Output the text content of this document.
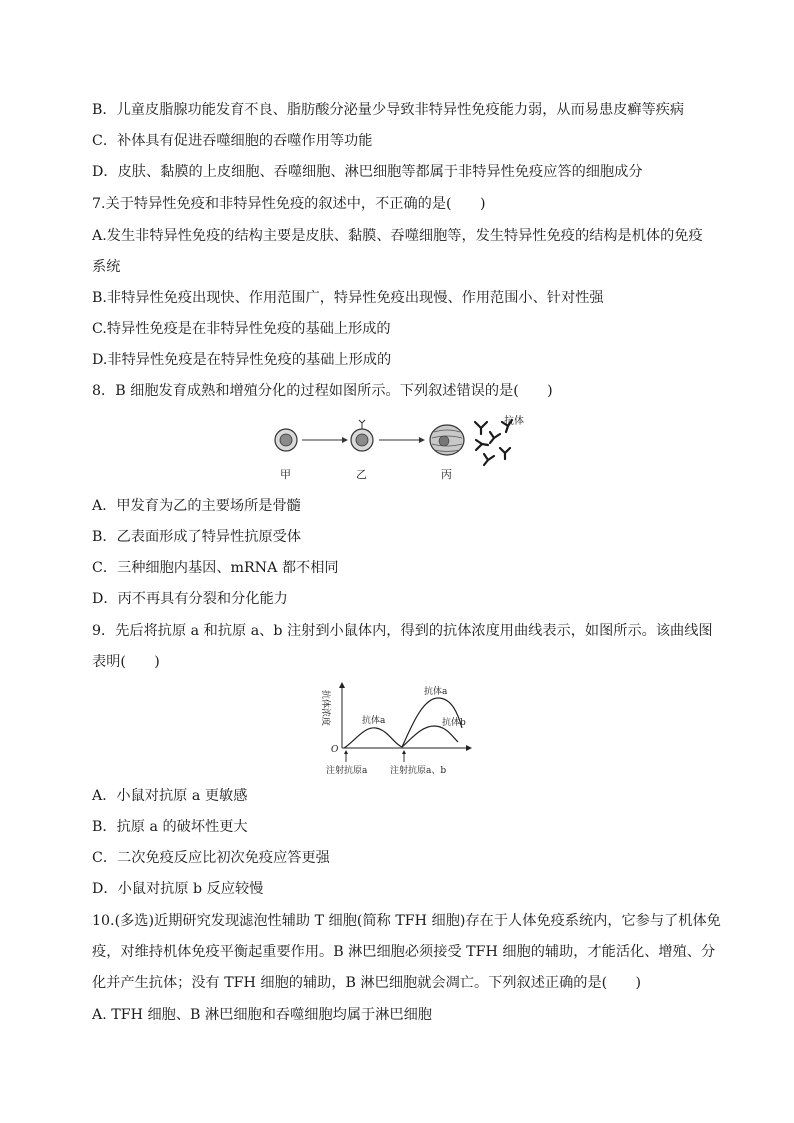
B．儿童皮脂腺功能发育不良、脂肪酸分泌量少导致非特异性免疫能力弱，从而易患皮癣等疾病
C．补体具有促进吞噬细胞的吞噬作用等功能
D．皮肤、黏膜的上皮细胞、吞噬细胞、淋巴细胞等都属于非特异性免疫应答的细胞成分
7.关于特异性免疫和非特异性免疫的叙述中，不正确的是(　　)
A.发生非特异性免疫的结构主要是皮肤、黏膜、吞噬细胞等，发生特异性免疫的结构是机体的免疫
系统
B.非特异性免疫出现快、作用范围广，特异性免疫出现慢、作用范围小、针对性强
C.特异性免疫是在非特异性免疫的基础上形成的
D.非特异性免疫是在特异性免疫的基础上形成的
8．B 细胞发育成熟和增殖分化的过程如图所示。下列叙述错误的是(　　)
A．甲发育为乙的主要场所是骨髓
B．乙表面形成了特异性抗原受体
C．三种细胞内基因、mRNA 都不相同
D．丙不再具有分裂和分化能力
9．先后将抗原 a 和抗原 a、b 注射到小鼠体内，得到的抗体浓度用曲线表示，如图所示。该曲线图
表明(　　)
A．小鼠对抗原 a 更敏感
B．抗原 a 的破坏性更大
C．二次免疫反应比初次免疫应答更强
D．小鼠对抗原 b 反应较慢
10.(多选)近期研究发现滤泡性辅助 T 细胞(简称 TFH 细胞)存在于人体免疫系统内，它参与了机体免
疫，对维持机体免疫平衡起重要作用。B 淋巴细胞必须接受 TFH 细胞的辅助，才能活化、增殖、分
化并产生抗体；没有 TFH 细胞的辅助，B 淋巴细胞就会凋亡。下列叙述正确的是(　　)
A. TFH 细胞、B 淋巴细胞和吞噬细胞均属于淋巴细胞
抗体
甲	乙	丙
O
抗体浓度	抗体a
抗体a
抗体b
注射抗原a	注射抗原a、b
